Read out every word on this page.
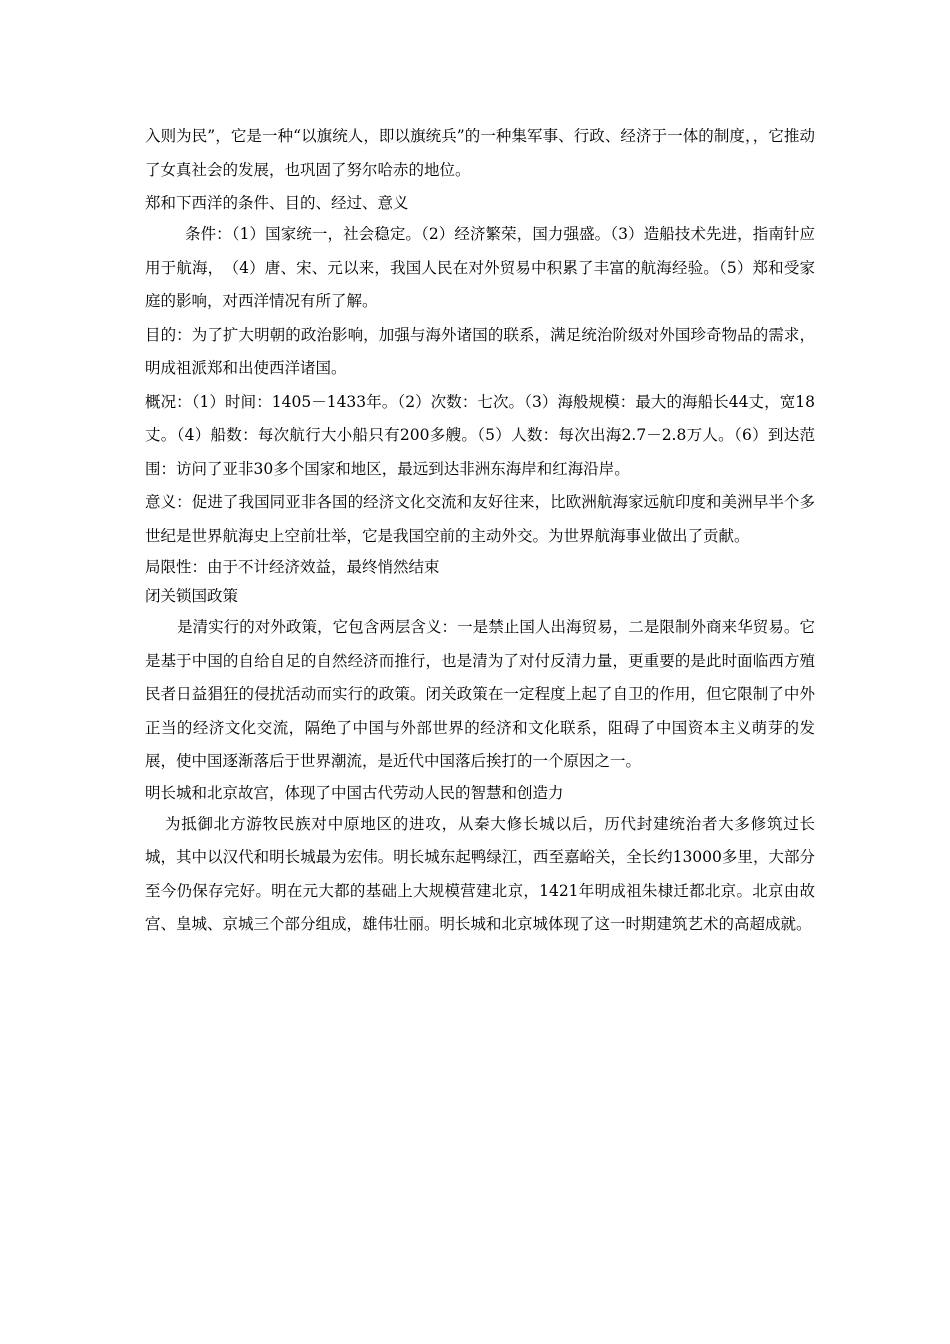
入则为民”，它是一种“以旗统人，即以旗统兵”的一种集军事、行政、经济于一体的制度，，它推动了女真社会的发展，也巩固了努尔哈赤的地位。

郑和下西洋的条件、目的、经过、意义

条件：（1）国家统一，社会稳定。（2）经济繁荣，国力强盛。（3）造船技术先进，指南针应用于航海，　（4）唐、宋、元以来，我国人民在对外贸易中积累了丰富的航海经验。（5）郑和受家庭的影响，对西洋情况有所了解。

目的：为了扩大明朝的政治影响，加强与海外诸国的联系，满足统治阶级对外国珍奇物品的需求，明成祖派郑和出使西洋诸国。

概况：（1）时间：1405－1433年。（2）次数：七次。（3）海般规模：最大的海船长44丈，宽18丈。（4）船数：每次航行大小船只有200多艘。（5）人数：每次出海2.7－2.8万人。（6）到达范围：访问了亚非30多个国家和地区，最远到达非洲东海岸和红海沿岸。

意义：促进了我国同亚非各国的经济文化交流和友好往来，比欧洲航海家远航印度和美洲早半个多世纪是世界航海史上空前壮举，它是我国空前的主动外交。为世界航海事业做出了贡献。

局限性：由于不计经济效益，最终悄然结束

闭关锁国政策

是清实行的对外政策，它包含两层含义：一是禁止国人出海贸易，二是限制外商来华贸易。它是基于中国的自给自足的自然经济而推行，也是清为了对付反清力量，更重要的是此时面临西方殖民者日益猖狂的侵扰活动而实行的政策。闭关政策在一定程度上起了自卫的作用，但它限制了中外正当的经济文化交流，隔绝了中国与外部世界的经济和文化联系，阻碍了中国资本主义萌芽的发展，使中国逐渐落后于世界潮流，是近代中国落后挨打的一个原因之一。

明长城和北京故宫，体现了中国古代劳动人民的智慧和创造力

为抵御北方游牧民族对中原地区的进攻，从秦大修长城以后，历代封建统治者大多修筑过长城，其中以汉代和明长城最为宏伟。明长城东起鸭绿江，西至嘉峪关，全长约13000多里，大部分至今仍保存完好。明在元大都的基础上大规模营建北京，1421年明成祖朱棣迁都北京。北京由故宫、皇城、京城三个部分组成，雄伟壮丽。明长城和北京城体现了这一时期建筑艺术的高超成就。
